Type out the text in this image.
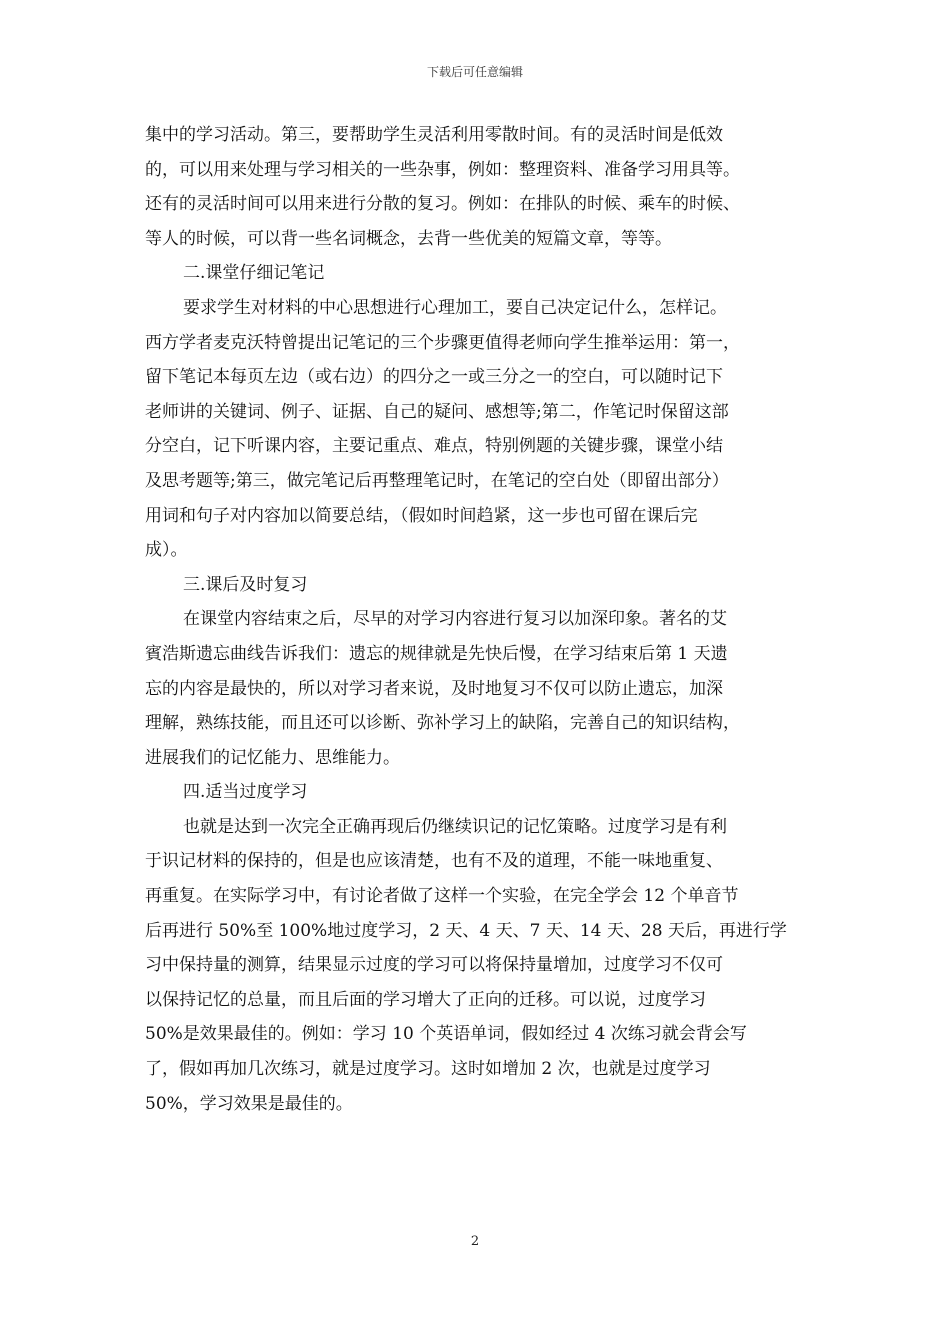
下载后可任意编辑
集中的学习活动。第三，要帮助学生灵活利用零散时间。有的灵活时间是低效
的，可以用来处理与学习相关的一些杂事，例如：整理资料、准备学习用具等。
还有的灵活时间可以用来进行分散的复习。例如：在排队的时候、乘车的时候、
等人的时候，可以背一些名词概念，去背一些优美的短篇文章，等等。
二.课堂仔细记笔记
要求学生对材料的中心思想进行心理加工，要自己决定记什么，怎样记。
西方学者麦克沃特曾提出记笔记的三个步骤更值得老师向学生推举运用：第一，
留下笔记本每页左边（或右边）的四分之一或三分之一的空白，可以随时记下
老师讲的关键词、例子、证据、自己的疑问、感想等;第二，作笔记时保留这部
分空白，记下听课内容，主要记重点、难点，特别例题的关键步骤，课堂小结
及思考题等;第三，做完笔记后再整理笔记时，在笔记的空白处（即留出部分）
用词和句子对内容加以简要总结，（假如时间趋紧，这一步也可留在课后完
成）。
三.课后及时复习
在课堂内容结束之后，尽早的对学习内容进行复习以加深印象。著名的艾
賓浩斯遗忘曲线告诉我们：遗忘的规律就是先快后慢，在学习结束后第 1 天遗
忘的内容是最快的，所以对学习者来说，及时地复习不仅可以防止遗忘，加深
理解，熟练技能，而且还可以诊断、弥补学习上的缺陷，完善自己的知识结构，
进展我们的记忆能力、思维能力。
四.适当过度学习
也就是达到一次完全正确再现后仍继续识记的记忆策略。过度学习是有利
于识记材料的保持的，但是也应该清楚，也有不及的道理，不能一味地重复、
再重复。在实际学习中，有讨论者做了这样一个实验，在完全学会 12 个单音节
后再进行 50%至 100%地过度学习，2 天、4 天、7 天、14 天、28 天后，再进行学
习中保持量的测算，结果显示过度的学习可以将保持量增加，过度学习不仅可
以保持记忆的总量，而且后面的学习增大了正向的迁移。可以说，过度学习
50%是效果最佳的。例如：学习 10 个英语单词，假如经过 4 次练习就会背会写
了，假如再加几次练习，就是过度学习。这时如增加 2 次，也就是过度学习
50%，学习效果是最佳的。
2
